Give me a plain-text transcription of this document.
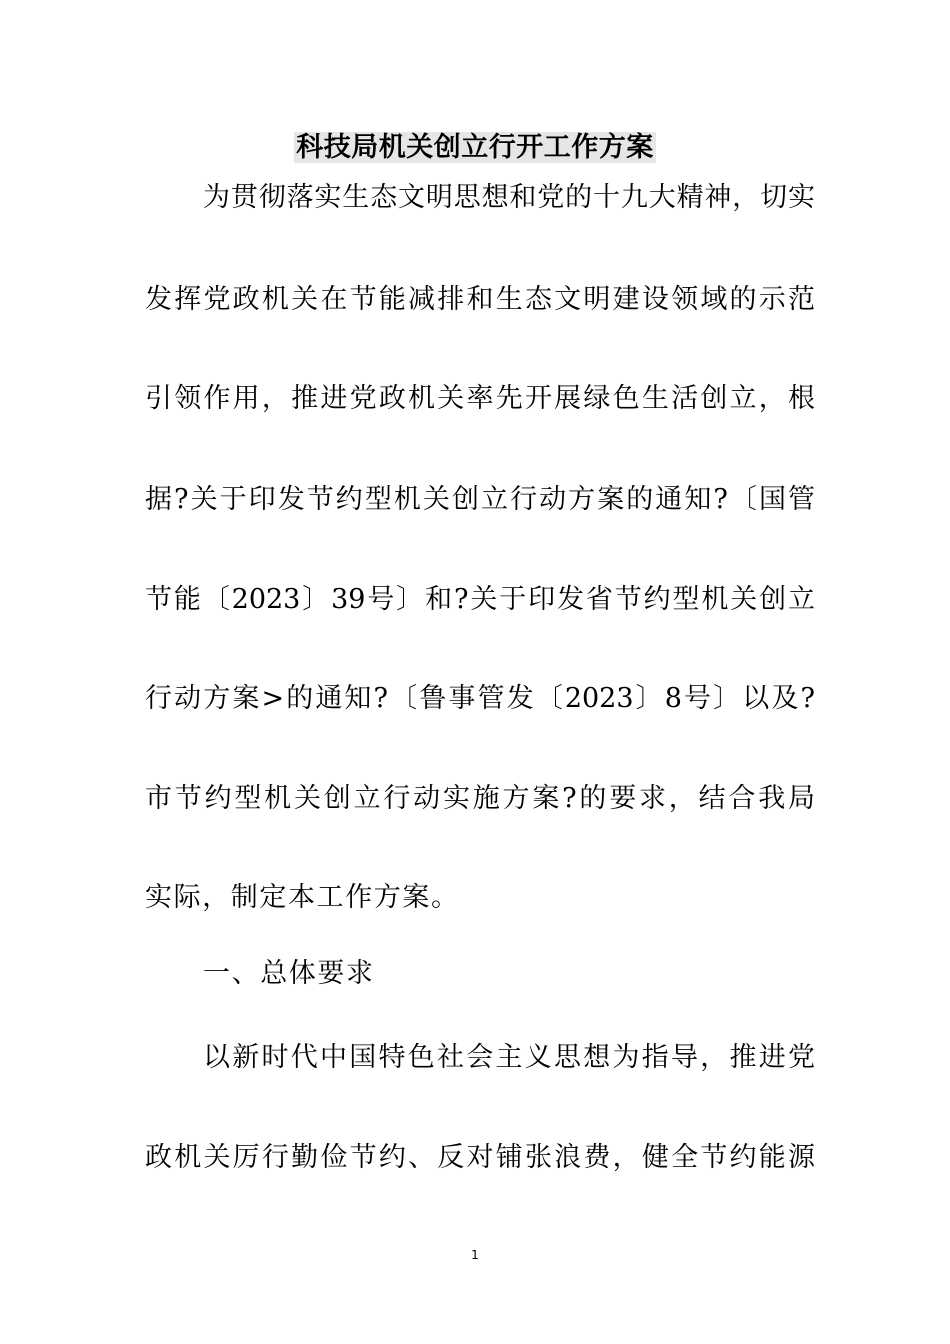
科技局机关创立行开工作方案

为贯彻落实生态文明思想和党的十九大精神，切实

发挥党政机关在节能减排和生态文明建设领域的示范

引领作用，推进党政机关率先开展绿色生活创立，根

据?关于印发节约型机关创立行动方案的通知?〔国管

节能〔2023〕39号〕和?关于印发省节约型机关创立

行动方案>的通知?〔鲁事管发〔2023〕8号〕以及?

市节约型机关创立行动实施方案?的要求，结合我局

实际，制定本工作方案。

一、总体要求

以新时代中国特色社会主义思想为指导，推进党

政机关厉行勤俭节约、反对铺张浪费，健全节约能源

1
